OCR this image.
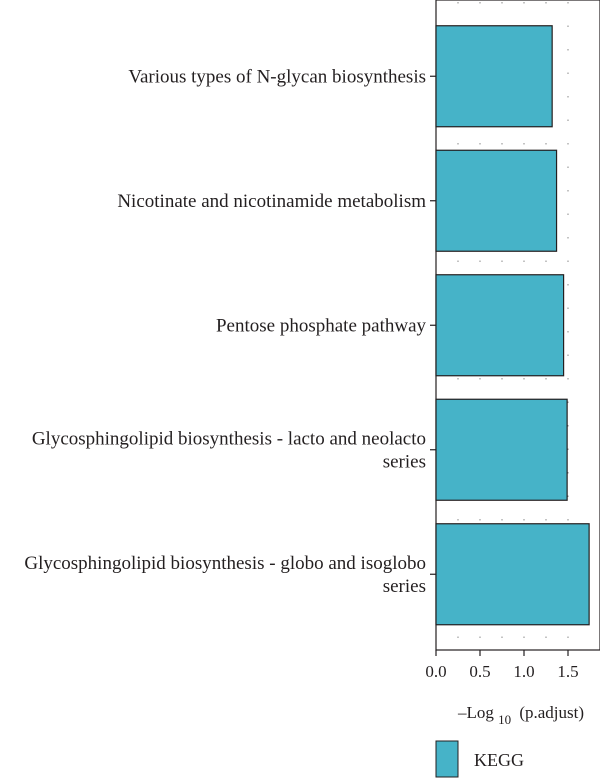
Various types of N-glycan biosynthesis
Nicotinate and nicotinamide metabolism
Pentose phosphate pathway
Glycosphingolipid biosynthesis - lacto and neolacto series
Glycosphingolipid biosynthesis - globo and isoglobo series
0.0 0.5 1.0 1.5
–Log $_{10}$ (p.adjust)
KEGG
